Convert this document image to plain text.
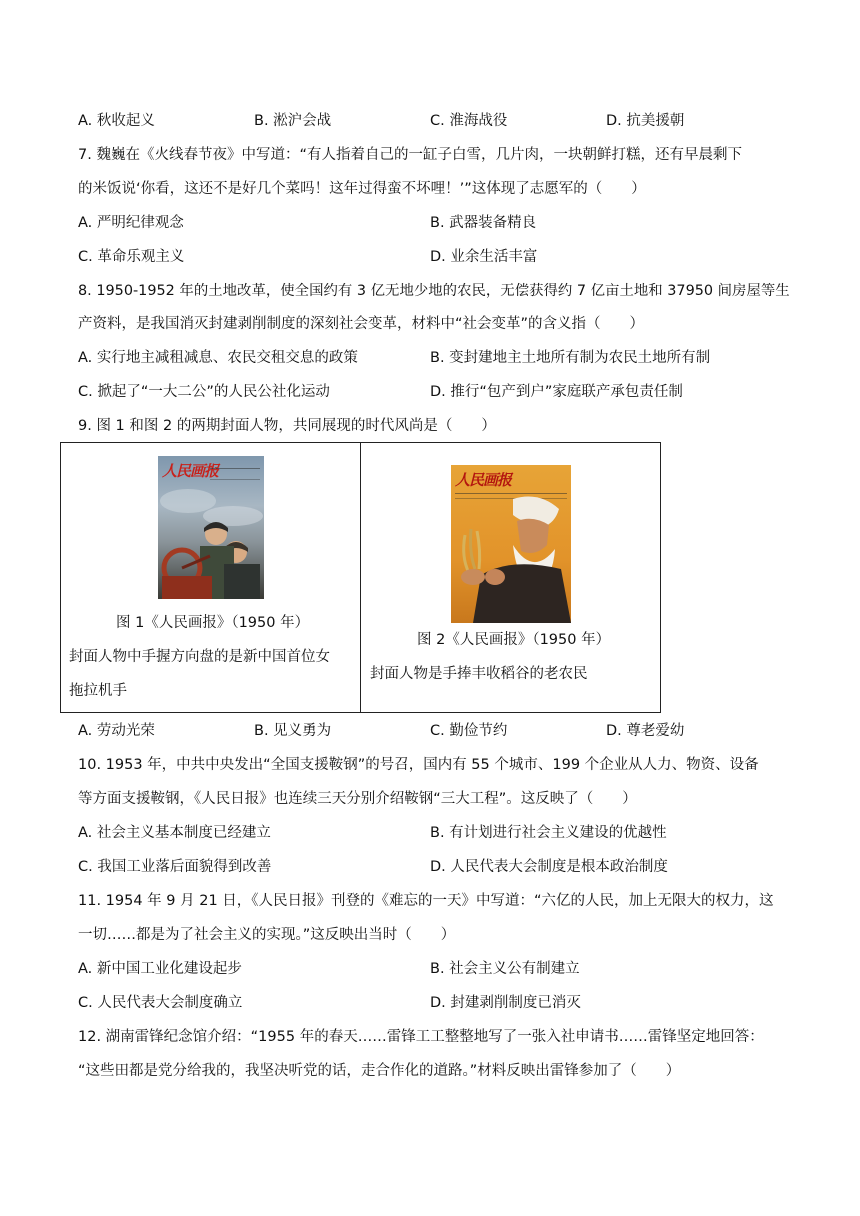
A. 秋收起义	B. 淞沪会战	C. 淮海战役	D. 抗美援朝
7. 魏巍在《火线春节夜》中写道：“有人指着自己的一缸子白雪，几片肉，一块朝鲜打糕，还有早晨剩下
的米饭说‘你看，这还不是好几个菜吗！这年过得蛮不坏哩！’”这体现了志愿军的（　　）
A. 严明纪律观念	B. 武器装备精良
C. 革命乐观主义	D. 业余生活丰富
8. 1950-1952 年的土地改革，使全国约有 3 亿无地少地的农民，无偿获得约 7 亿亩土地和 37950 间房屋等生
产资料，是我国消灭封建剥削制度的深刻社会变革，材料中“社会变革”的含义指（　　）
A. 实行地主减租减息、农民交租交息的政策	B. 变封建地主土地所有制为农民土地所有制
C. 掀起了“一大二公”的人民公社化运动	D. 推行“包产到户”家庭联产承包责任制
9. 图 1 和图 2 的两期封面人物，共同展现的时代风尚是（　　）
人民画报
图 1《人民画报》（1950 年）
封面人物中手握方向盘的是新中国首位女
拖拉机手
人民画报
图 2《人民画报》（1950 年）
封面人物是手捧丰收稻谷的老农民
A. 劳动光荣	B. 见义勇为	C. 勤俭节约	D. 尊老爱幼
10. 1953 年，中共中央发出“全国支援鞍钢”的号召，国内有 55 个城市、199 个企业从人力、物资、设备
等方面支援鞍钢，《人民日报》也连续三天分别介绍鞍钢“三大工程”。这反映了（　　）
A. 社会主义基本制度已经建立	B. 有计划进行社会主义建设的优越性
C. 我国工业落后面貌得到改善	D. 人民代表大会制度是根本政治制度
11. 1954 年 9 月 21 日，《人民日报》刊登的《难忘的一天》中写道：“六亿的人民，加上无限大的权力，这
一切……都是为了社会主义的实现。”这反映出当时（　　）
A. 新中国工业化建设起步	B. 社会主义公有制建立
C. 人民代表大会制度确立	D. 封建剥削制度已消灭
12. 湖南雷锋纪念馆介绍：“1955 年的春天……雷锋工工整整地写了一张入社申请书……雷锋坚定地回答：
“这些田都是党分给我的，我坚决听党的话，走合作化的道路。”材料反映出雷锋参加了（　　）
